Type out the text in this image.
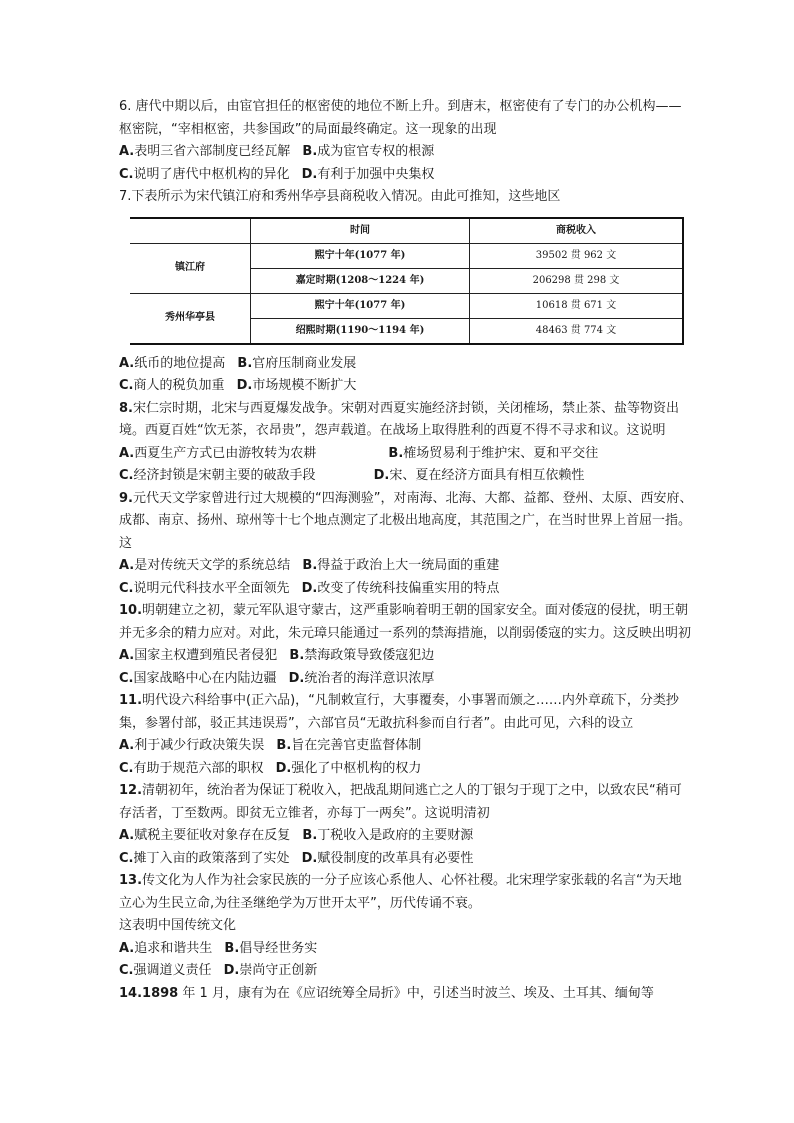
6. 唐代中期以后，由宦官担任的枢密使的地位不断上升。到唐末，枢密使有了专门的办公机构——枢密院，“宰相枢密，共参国政”的局面最终确定。这一现象的出现

A.表明三省六部制度已经瓦解 B.成为宦官专权的根源

C.说明了唐代中枢机构的异化 D.有利于加强中央集权

7.下表所示为宋代镇江府和秀州华亭县商税收入情况。由此可推知，这些地区

	时间	商税收入
镇江府	熙宁十年(1077 年)	39502 贯 962 文
	嘉定时期(1208～1224 年)	206298 贯 298 文
秀州华亭县	熙宁十年(1077 年)	10618 贯 671 文
	绍熙时期(1190～1194 年)	48463 贯 774 文

A.纸币的地位提高 B.官府压制商业发展

C.商人的税负加重 D.市场规模不断扩大

8.宋仁宗时期，北宋与西夏爆发战争。宋朝对西夏实施经济封锁，关闭榷场，禁止茶、盐等物资出境。西夏百姓“饮无茶，衣昂贵”，怨声载道。在战场上取得胜利的西夏不得不寻求和议。这说明

A.西夏生产方式已由游牧转为农耕	B.榷场贸易利于维护宋、夏和平交往

C.经济封锁是宋朝主要的破敌手段	D.宋、夏在经济方面具有相互依赖性

9.元代天文学家曾进行过大规模的“四海测验”，对南海、北海、大都、益都、登州、太原、西安府、成都、南京、扬州、琼州等十七个地点测定了北极出地高度，其范围之广，在当时世界上首屈一指。这

A.是对传统天文学的系统总结 B.得益于政治上大一统局面的重建

C.说明元代科技水平全面领先 D.改变了传统科技偏重实用的特点

10.明朝建立之初，蒙元军队退守蒙古，这严重影响着明王朝的国家安全。面对倭寇的侵扰，明王朝并无多余的精力应对。对此，朱元璋只能通过一系列的禁海措施，以削弱倭寇的实力。这反映出明初

A.国家主权遭到殖民者侵犯 B.禁海政策导致倭寇犯边

C.国家战略中心在内陆边疆 D.统治者的海洋意识浓厚

11.明代设六科给事中(正六品)，“凡制敕宣行，大事覆奏，小事署而颁之……内外章疏下，分类抄集，参署付部，驳正其违误焉”，六部官员“无敢抗科参而自行者”。由此可见，六科的设立

A.利于减少行政决策失误 B.旨在完善官吏监督体制

C.有助于规范六部的职权 D.强化了中枢机构的权力

12.清朝初年，统治者为保证丁税收入，把战乱期间逃亡之人的丁银匀于现丁之中，以致农民“稍可存活者，丁至数两。即贫无立锥者，亦每丁一两矣”。这说明清初

A.赋税主要征收对象存在反复 B.丁税收入是政府的主要财源

C.摊丁入亩的政策落到了实处 D.赋役制度的改革具有必要性

13.传文化为人作为社会家民族的一分子应该心系他人、心怀社稷。北宋理学家张载的名言“为天地立心为生民立命,为往圣继绝学为万世开太平”，历代传诵不衰。

这表明中国传统文化

A.追求和谐共生 B.倡导经世务实

C.强调道义责任 D.崇尚守正创新

14.1898 年 1 月，康有为在《应诏统筹全局折》中，引述当时波兰、埃及、土耳其、缅甸等
